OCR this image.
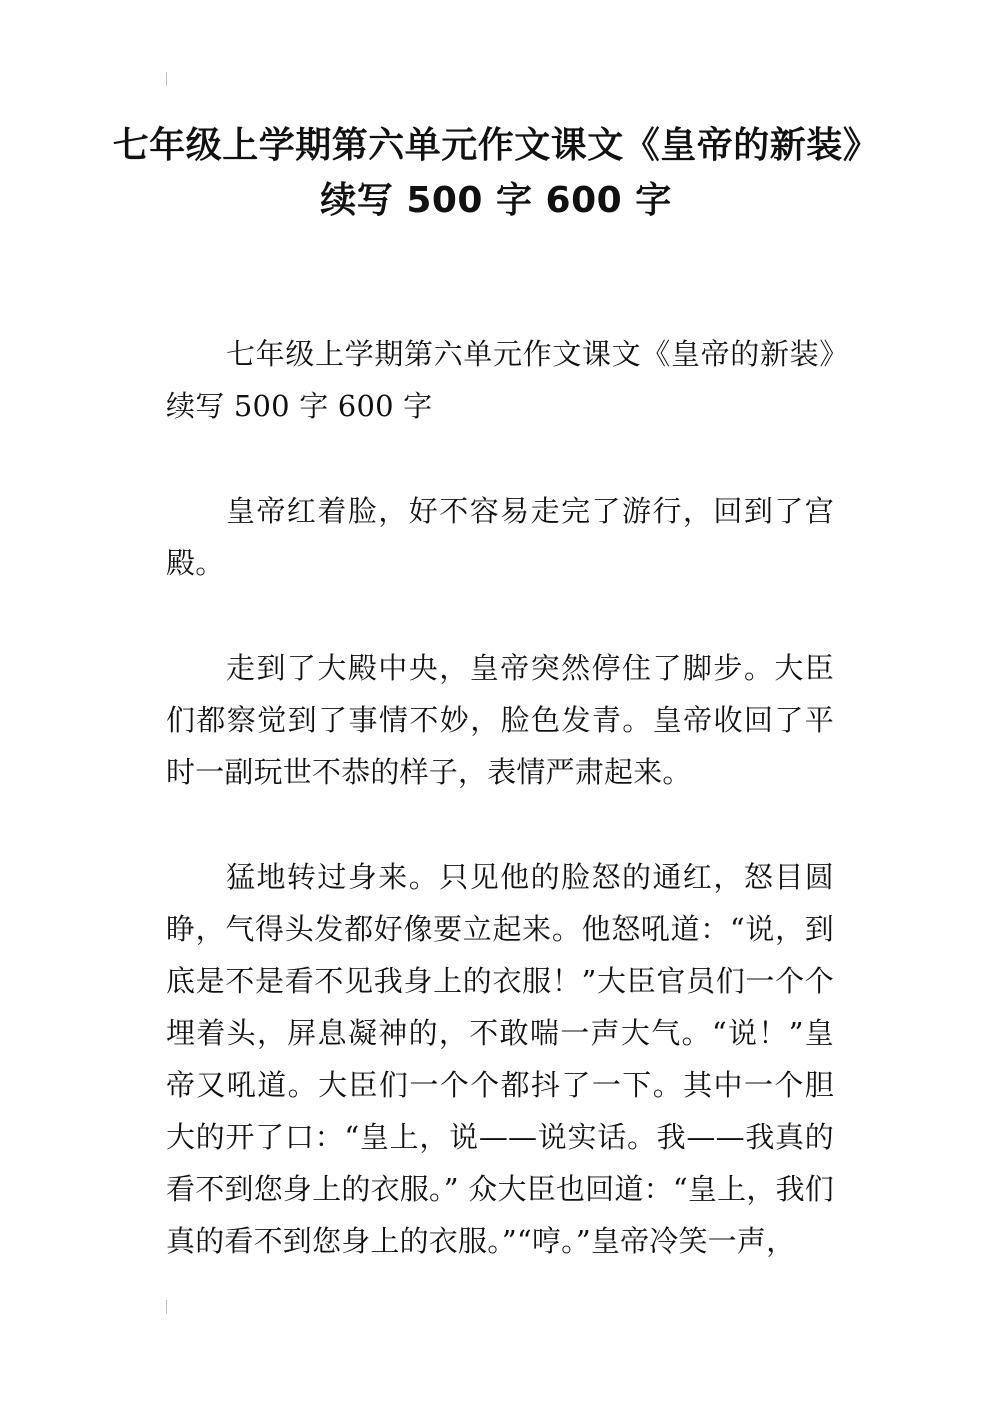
七年级上学期第六单元作文课文《皇帝的新装》续写 500 字 600 字

七年级上学期第六单元作文课文《皇帝的新装》续写 500 字 600 字

皇帝红着脸，好不容易走完了游行，回到了宫殿。

走到了大殿中央，皇帝突然停住了脚步。大臣们都察觉到了事情不妙，脸色发青。皇帝收回了平时一副玩世不恭的样子，表情严肃起来。

猛地转过身来。只见他的脸怒的通红，怒目圆睁，气得头发都好像要立起来。他怒吼道：“说，到底是不是看不见我身上的衣服！”大臣官员们一个个埋着头，屏息凝神的，不敢喘一声大气。“说！”皇帝又吼道。大臣们一个个都抖了一下。其中一个胆大的开了口：“皇上，说——说实话。我——我真的看不到您身上的衣服。” 众大臣也回道：“皇上，我们真的看不到您身上的衣服。”“哼。”皇帝冷笑一声，
